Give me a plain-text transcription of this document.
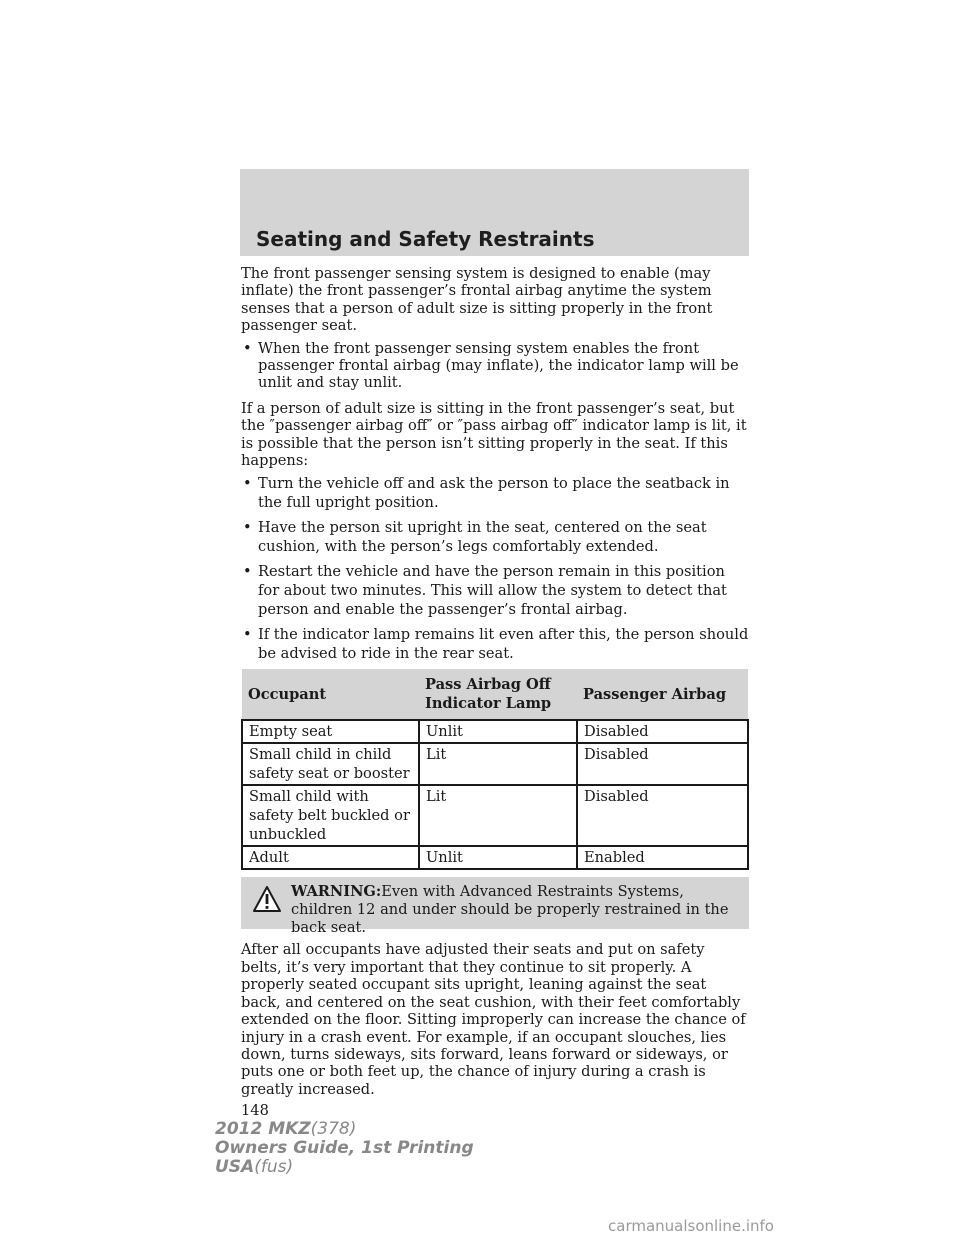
Seating and Safety Restraints

The front passenger sensing system is designed to enable (may inflate) the front passenger’s frontal airbag anytime the system senses that a person of adult size is sitting properly in the front passenger seat.

• When the front passenger sensing system enables the front passenger frontal airbag (may inflate), the indicator lamp will be unlit and stay unlit.

If a person of adult size is sitting in the front passenger’s seat, but the ″passenger airbag off″ or ″pass airbag off″ indicator lamp is lit, it is possible that the person isn’t sitting properly in the seat. If this happens:

• Turn the vehicle off and ask the person to place the seatback in the full upright position.
• Have the person sit upright in the seat, centered on the seat cushion, with the person’s legs comfortably extended.
• Restart the vehicle and have the person remain in this position for about two minutes. This will allow the system to detect that person and enable the passenger’s frontal airbag.
• If the indicator lamp remains lit even after this, the person should be advised to ride in the rear seat.
Occupant	Pass Airbag Off Indicator Lamp	Passenger Airbag
Empty seat	Unlit	Disabled
Small child in child safety seat or booster	Lit	Disabled
Small child with safety belt buckled or unbuckled	Lit	Disabled
Adult	Unlit	Enabled
WARNING:Even with Advanced Restraints Systems, children 12 and under should be properly restrained in the back seat.

After all occupants have adjusted their seats and put on safety belts, it’s very important that they continue to sit properly. A properly seated occupant sits upright, leaning against the seat back, and centered on the seat cushion, with their feet comfortably extended on the floor. Sitting improperly can increase the chance of injury in a crash event. For example, if an occupant slouches, lies down, turns sideways, sits forward, leans forward or sideways, or puts one or both feet up, the chance of injury during a crash is greatly increased.

148

2012 MKZ(378)
Owners Guide, 1st Printing
USA(fus)
carmanualsonline.info
